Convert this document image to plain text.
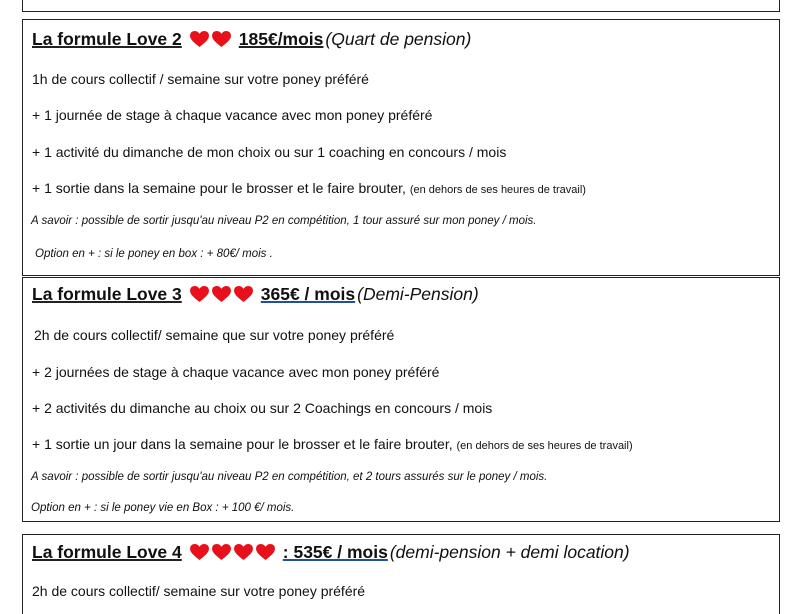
La formule Love 2	185€/mois (Quart de pension)
1h de cours collectif / semaine sur votre poney préféré
+ 1 journée de stage à chaque vacance avec mon poney préféré
+ 1 activité du dimanche de mon choix ou sur 1 coaching en concours / mois
+ 1 sortie dans la semaine pour le brosser et le faire brouter, (en dehors de ses heures de travail)
A savoir : possible de sortir jusqu'au niveau P2 en compétition, 1 tour assuré sur mon poney / mois.
Option en + : si le poney en box : + 80€/ mois .
La formule Love 3	365€ / mois (Demi-Pension)
2h de cours collectif/ semaine que sur votre poney préféré
+ 2 journées de stage à chaque vacance avec mon poney préféré
+ 2 activités du dimanche au choix ou sur 2 Coachings en concours / mois
+ 1 sortie un jour dans la semaine pour le brosser et le faire brouter, (en dehors de ses heures de travail)
A savoir : possible de sortir jusqu'au niveau P2 en compétition, et 2 tours assurés sur le poney / mois.
Option en + : si le poney vie en Box : + 100 €/ mois.
La formule Love 4	: 535€ / mois (demi-pension + demi location)
2h de cours collectif/ semaine sur votre poney préféré
